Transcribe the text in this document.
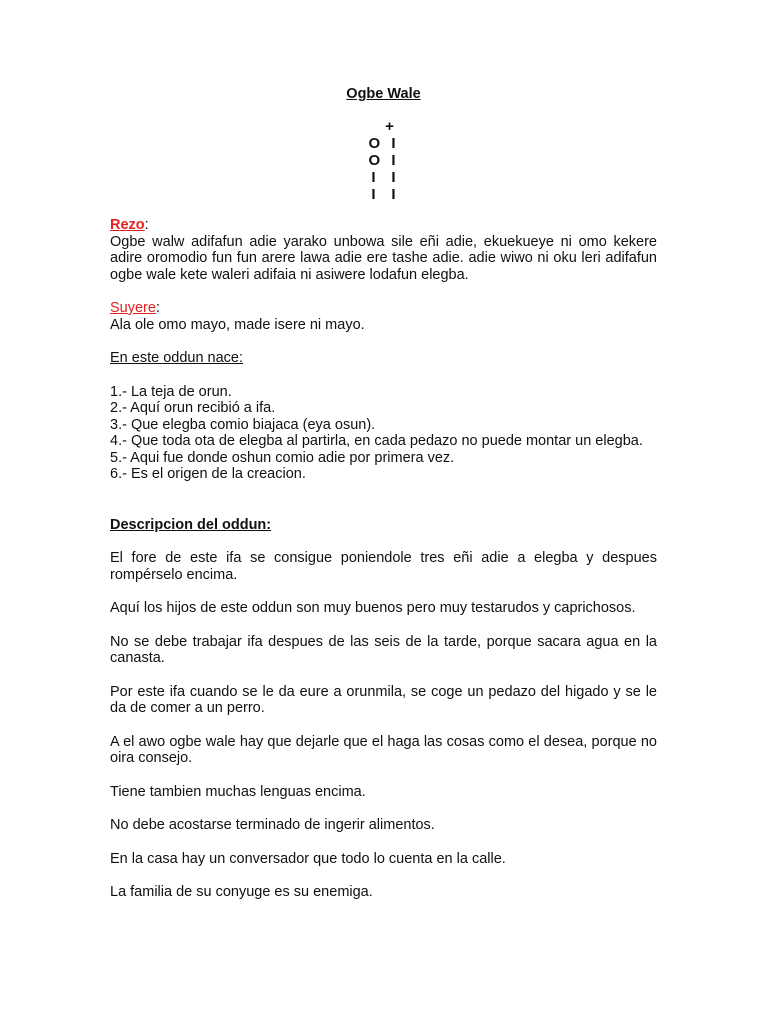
Ogbe Wale
+
O I
O I
I I
I I

Rezo:

Ogbe walw adifafun adie yarako unbowa sile eñi adie, ekuekueye ni omo kekere adire oromodio fun fun arere lawa adie ere tashe adie. adie wiwo ni oku leri adifafun ogbe wale kete waleri adifaia ni asiwere lodafun elegba.

Suyere:

Ala ole omo mayo, made isere ni mayo.

En este oddun nace:

1.- La teja de orun.

2.- Aquí orun recibió a ifa.

3.- Que elegba comio biajaca (eya osun).

4.- Que toda ota de elegba al partirla, en cada pedazo no puede montar un elegba.

5.- Aqui fue donde oshun comio adie por primera vez.

6.- Es el origen de la creacion.

Descripcion del oddun:

El fore de este ifa se consigue poniendole tres eñi adie a elegba y despues rompérselo encima.

Aquí los hijos de este oddun son muy buenos pero muy testarudos y caprichosos.

No se debe trabajar ifa despues de las seis de la tarde, porque sacara agua en la canasta.

Por este ifa cuando se le da eure a orunmila, se coge un pedazo del higado y se le da de comer a un perro.

A el awo ogbe wale hay que dejarle que el haga las cosas como el desea, porque no oira consejo.

Tiene tambien muchas lenguas encima.

No debe acostarse terminado de ingerir alimentos.

En la casa hay un conversador que todo lo cuenta en la calle.

La familia de su conyuge es su enemiga.
